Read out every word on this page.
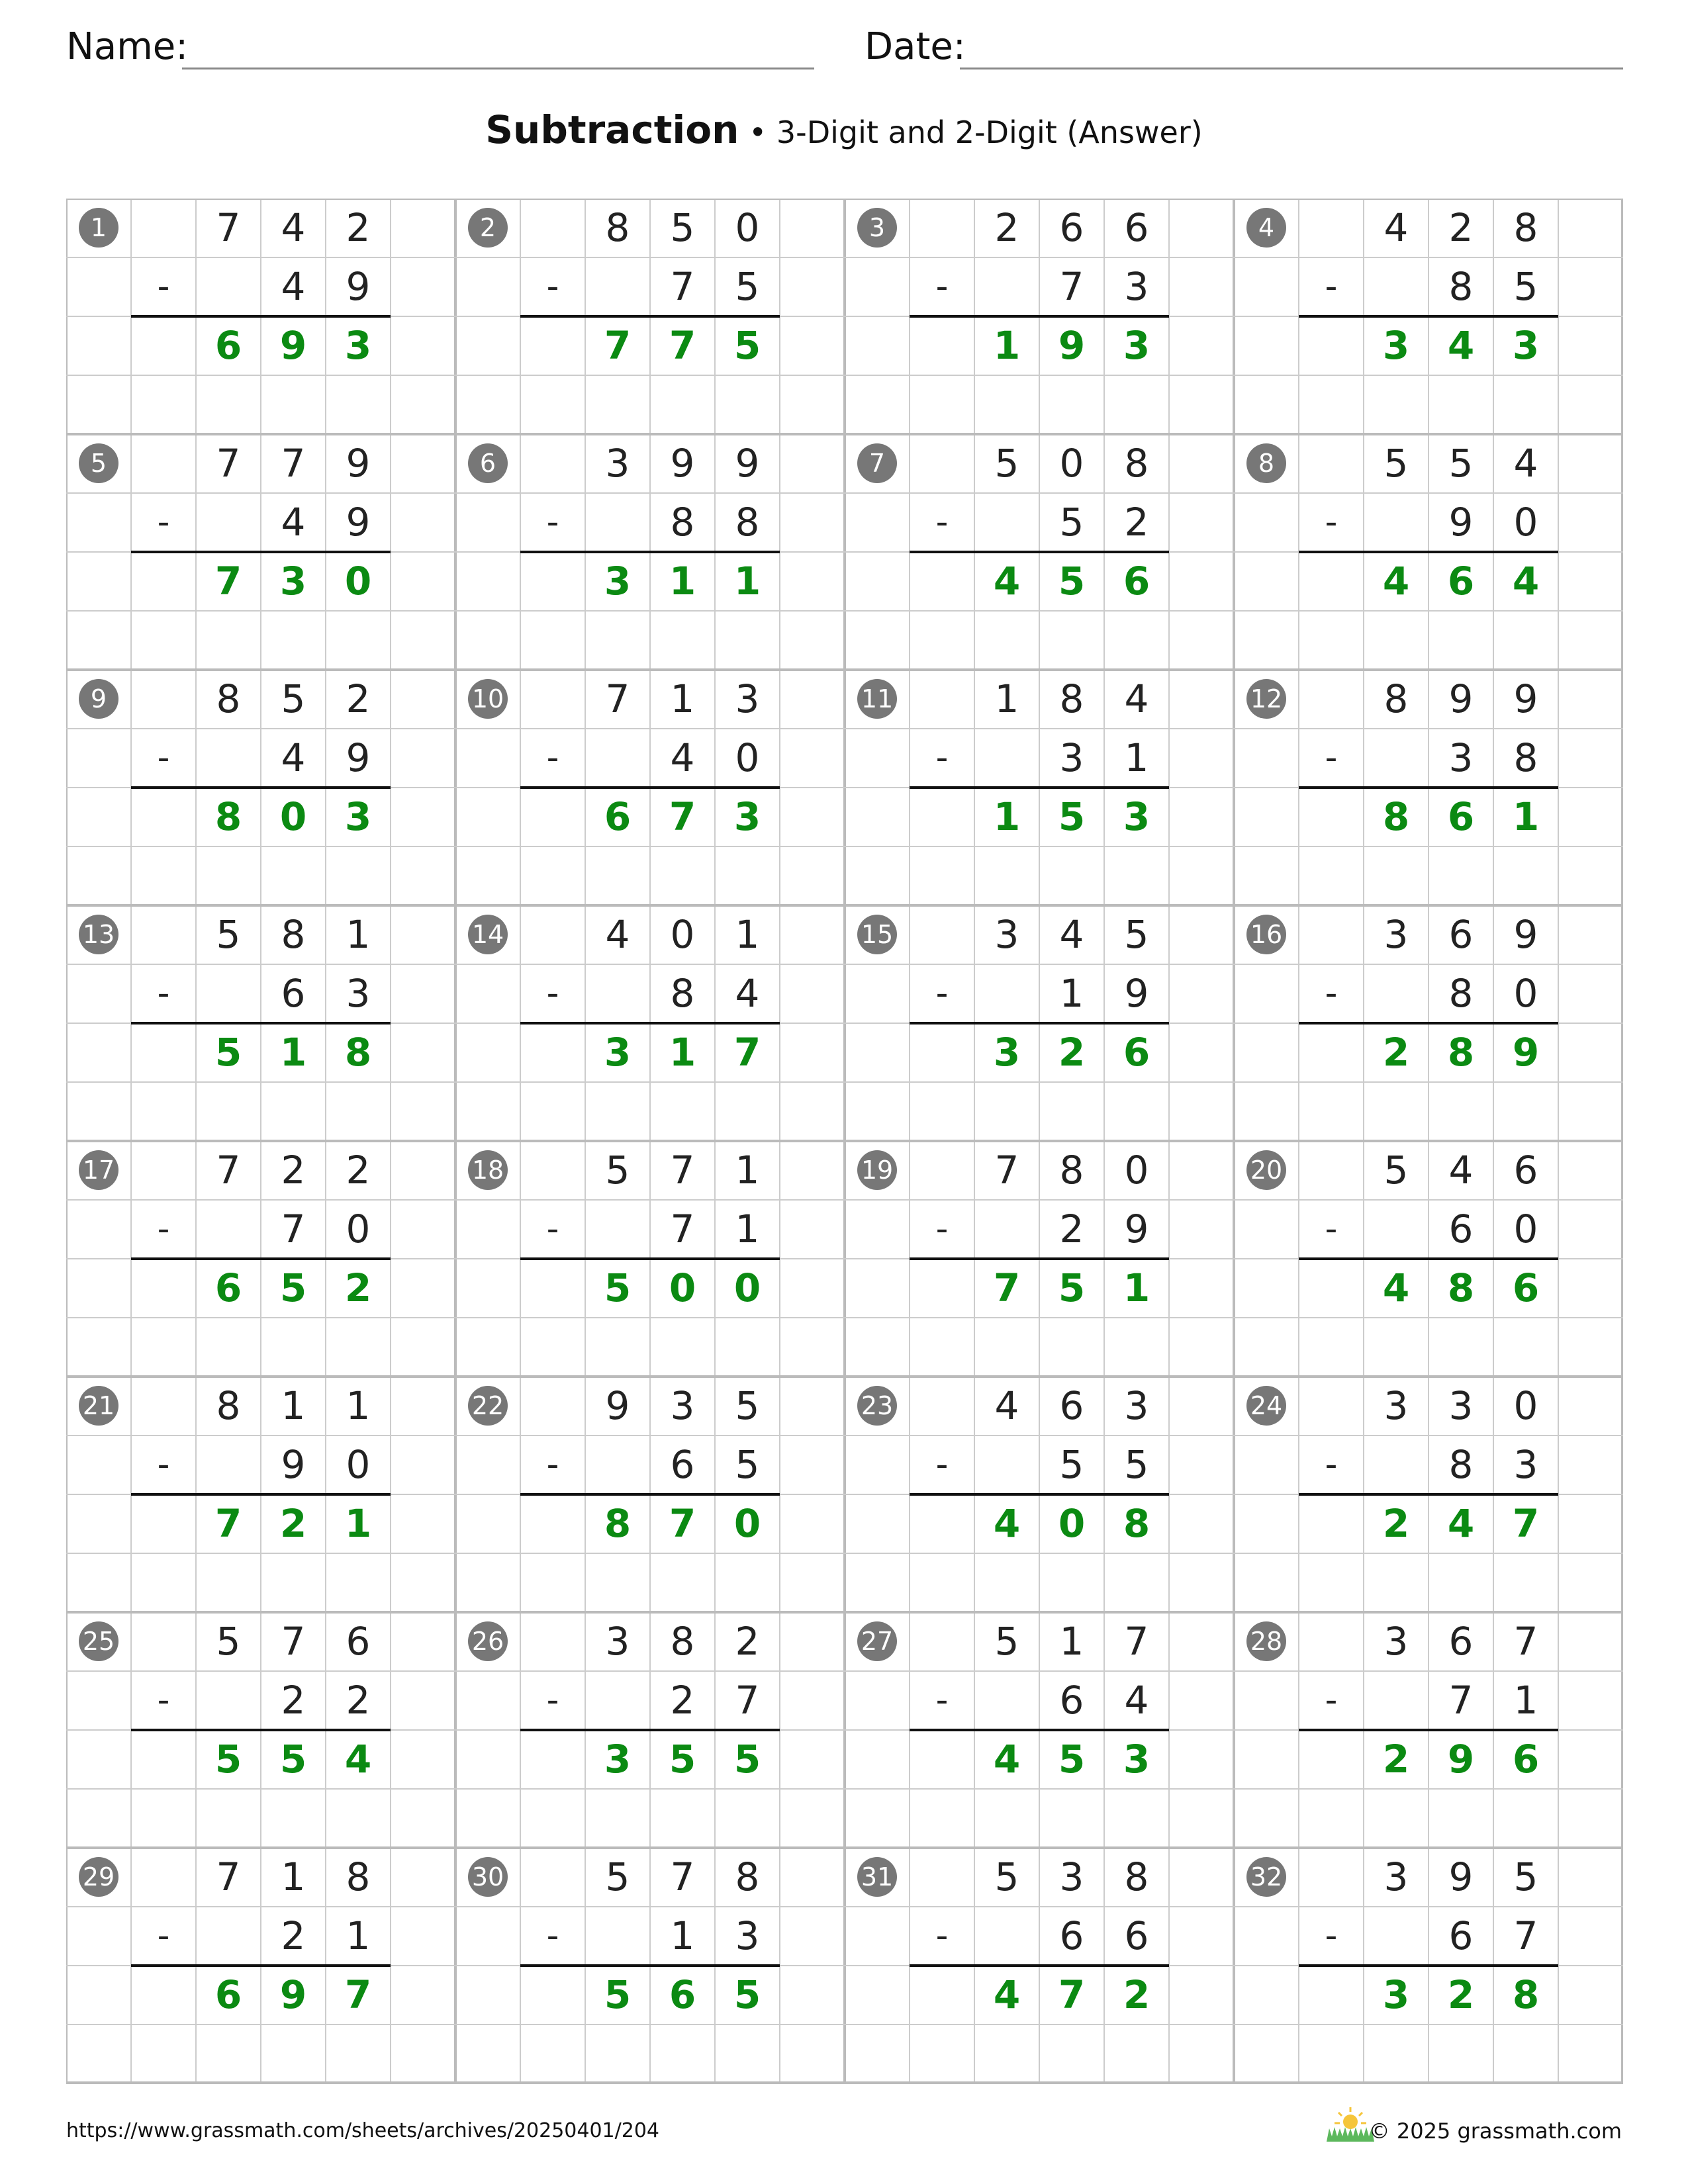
Name:	Date:
Subtraction • 3-Digit and 2-Digit (Answer)
1	7	4	2
-	4	9
6 9 3
2	8	5	0
-	7	5
7 7 5
3	2	6	6
-	7	3
1 9 3
4	4	2	8
-	8	5
3 4 3
5	7	7	9
-	4	9
7 3 0
6	3	9	9
-	8	8
3 1 1
7	5	0	8
-	5	2
4 5 6
8	5	5	4
-	9	0
4 6 4
9	8	5	2
-	4	9
8 0 3
10	7	1	3
-	4	0
6 7 3
11	1	8	4
-	3	1
1 5 3
12	8	9	9
-	3	8
8 6 1
13	5	8	1
-	6	3
5 1 8
14	4	0	1
-	8	4
3 1 7
15	3	4	5
-	1	9
3 2 6
16	3	6	9
-	8	0
2 8 9
17	7	2	2
-	7	0
6 5 2
18	5	7	1
-	7	1
5 0 0
19	7	8	0
-	2	9
7 5 1
20	5	4	6
-	6	0
4 8 6
21	8	1	1
-	9	0
7 2 1
22	9	3	5
-	6	5
8 7 0
23	4	6	3
-	5	5
4 0 8
24	3	3	0
-	8	3
2 4 7
25	5	7	6
-	2	2
5 5 4
26	3	8	2
-	2	7
3 5 5
27	5	1	7
-	6	4
4 5 3
28	3	6	7
-	7	1
2 9 6
29	7	1	8
-	2	1
6 9 7
30	5	7	8
-	1	3
5 6 5
31	5	3	8
-	6	6
4 7 2
32	3	9	5
-	6	7
3 2 8
https://www.grassmath.com/sheets/archives/20250401/204	© 2025 grassmath.com
